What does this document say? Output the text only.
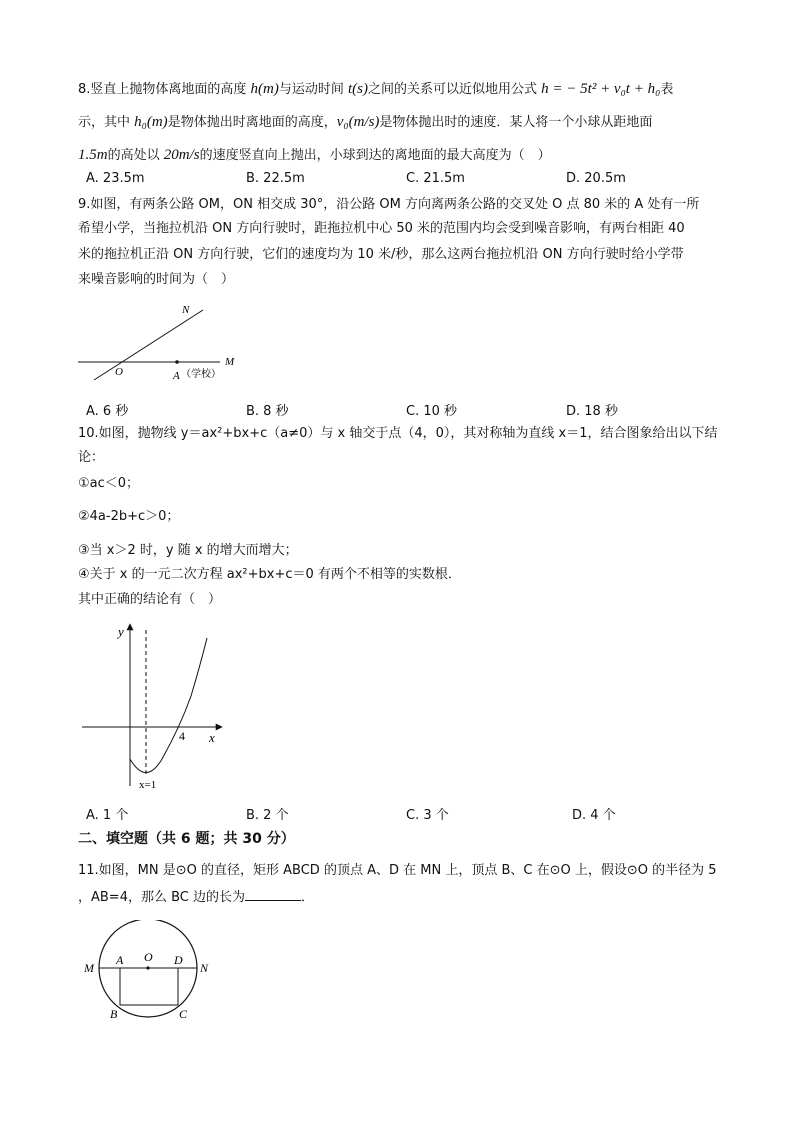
8.竖直上抛物体离地面的高度 h(m)与运动时间 t(s)之间的关系可以近似地用公式 h = − 5t² + v₀t + h₀表
示，其中 h₀(m)是物体抛出时离地面的高度，v₀(m/s)是物体抛出时的速度．某人将一个小球从距地面
1.5m的高处以 20m/s的速度竖直向上抛出，小球到达的离地面的最大高度为（　）
A. 23.5m	B. 22.5m	C. 21.5m	D. 20.5m
9.如图，有两条公路 OM，ON 相交成 30°，沿公路 OM 方向离两条公路的交叉处 O 点 80 米的 A 处有一所
希望小学，当拖拉机沿 ON 方向行驶时，距拖拉机中心 50 米的范围内均会受到噪音影响，有两台相距 40
米的拖拉机正沿 ON 方向行驶，它们的速度均为 10 米/秒，那么这两台拖拉机沿 ON 方向行驶时给小学带
来噪音影响的时间为（　）
N
M
O	A （学校）
A. 6 秒	B. 8 秒	C. 10 秒	D. 18 秒
10.如图，抛物线 y＝ax²+bx+c（a≠0）与 x 轴交于点（4，0），其对称轴为直线 x＝1，结合图象给出以下结
论：
①ac＜0；
②4a-2b+c＞0；
③当 x＞2 时，y 随 x 的增大而增大；
④关于 x 的一元二次方程 ax²+bx+c＝0 有两个不相等的实数根．
其中正确的结论有（　）
y
x
4
x=1
A. 1 个	B. 2 个	C. 3 个	D. 4 个
二、填空题（共 6 题；共 30 分）
11.如图，MN 是⊙O 的直径，矩形 ABCD 的顶点 A、D 在 MN 上，顶点 B、C 在⊙O 上，假设⊙O 的半径为 5
，AB=4，那么 BC 边的长为	．
M
A O D
N
B	C
